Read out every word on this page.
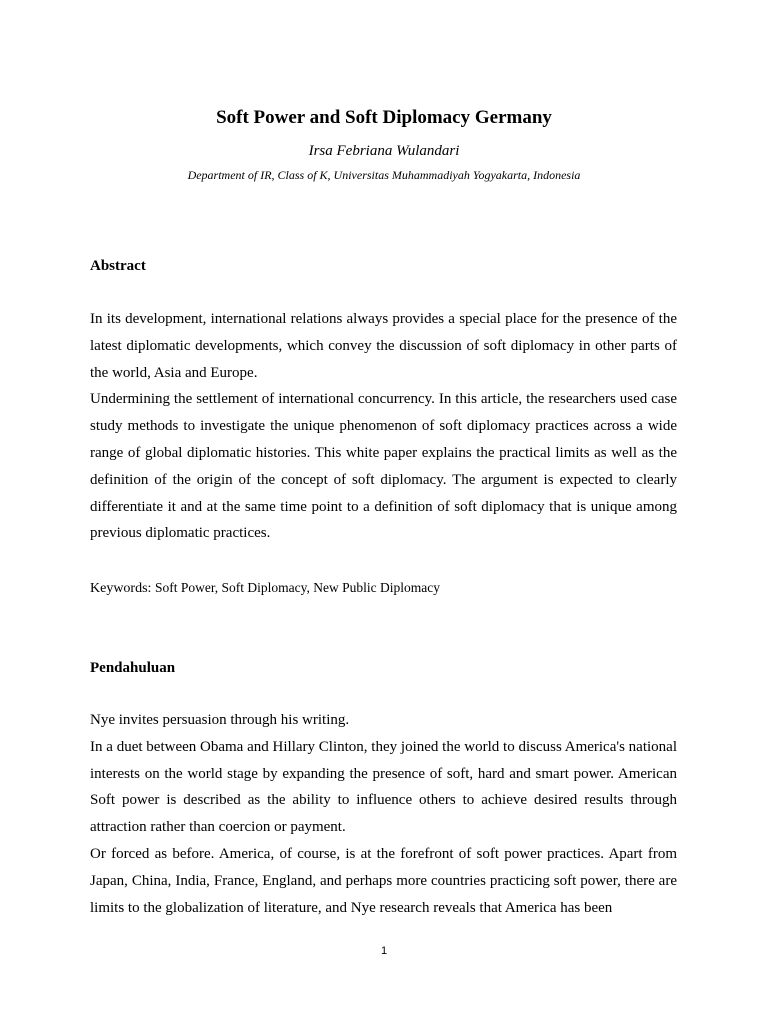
Soft Power and Soft Diplomacy Germany
Irsa Febriana Wulandari
Department of IR, Class of K, Universitas Muhammadiyah Yogyakarta, Indonesia
Abstract

In its development, international relations always provides a special place for the presence of the latest diplomatic developments, which convey the discussion of soft diplomacy in other parts of the world, Asia and Europe.

Undermining the settlement of international concurrency. In this article, the researchers used case study methods to investigate the unique phenomenon of soft diplomacy practices across a wide range of global diplomatic histories. This white paper explains the practical limits as well as the definition of the origin of the concept of soft diplomacy. The argument is expected to clearly differentiate it and at the same time point to a definition of soft diplomacy that is unique among previous diplomatic practices.

Keywords: Soft Power, Soft Diplomacy, New Public Diplomacy
Pendahuluan

Nye invites persuasion through his writing.

In a duet between Obama and Hillary Clinton, they joined the world to discuss America's national interests on the world stage by expanding the presence of soft, hard and smart power. American Soft power is described as the ability to influence others to achieve desired results through attraction rather than coercion or payment.

Or forced as before. America, of course, is at the forefront of soft power practices. Apart from Japan, China, India, France, England, and perhaps more countries practicing soft power, there are limits to the globalization of literature, and Nye research reveals that America has been

1
